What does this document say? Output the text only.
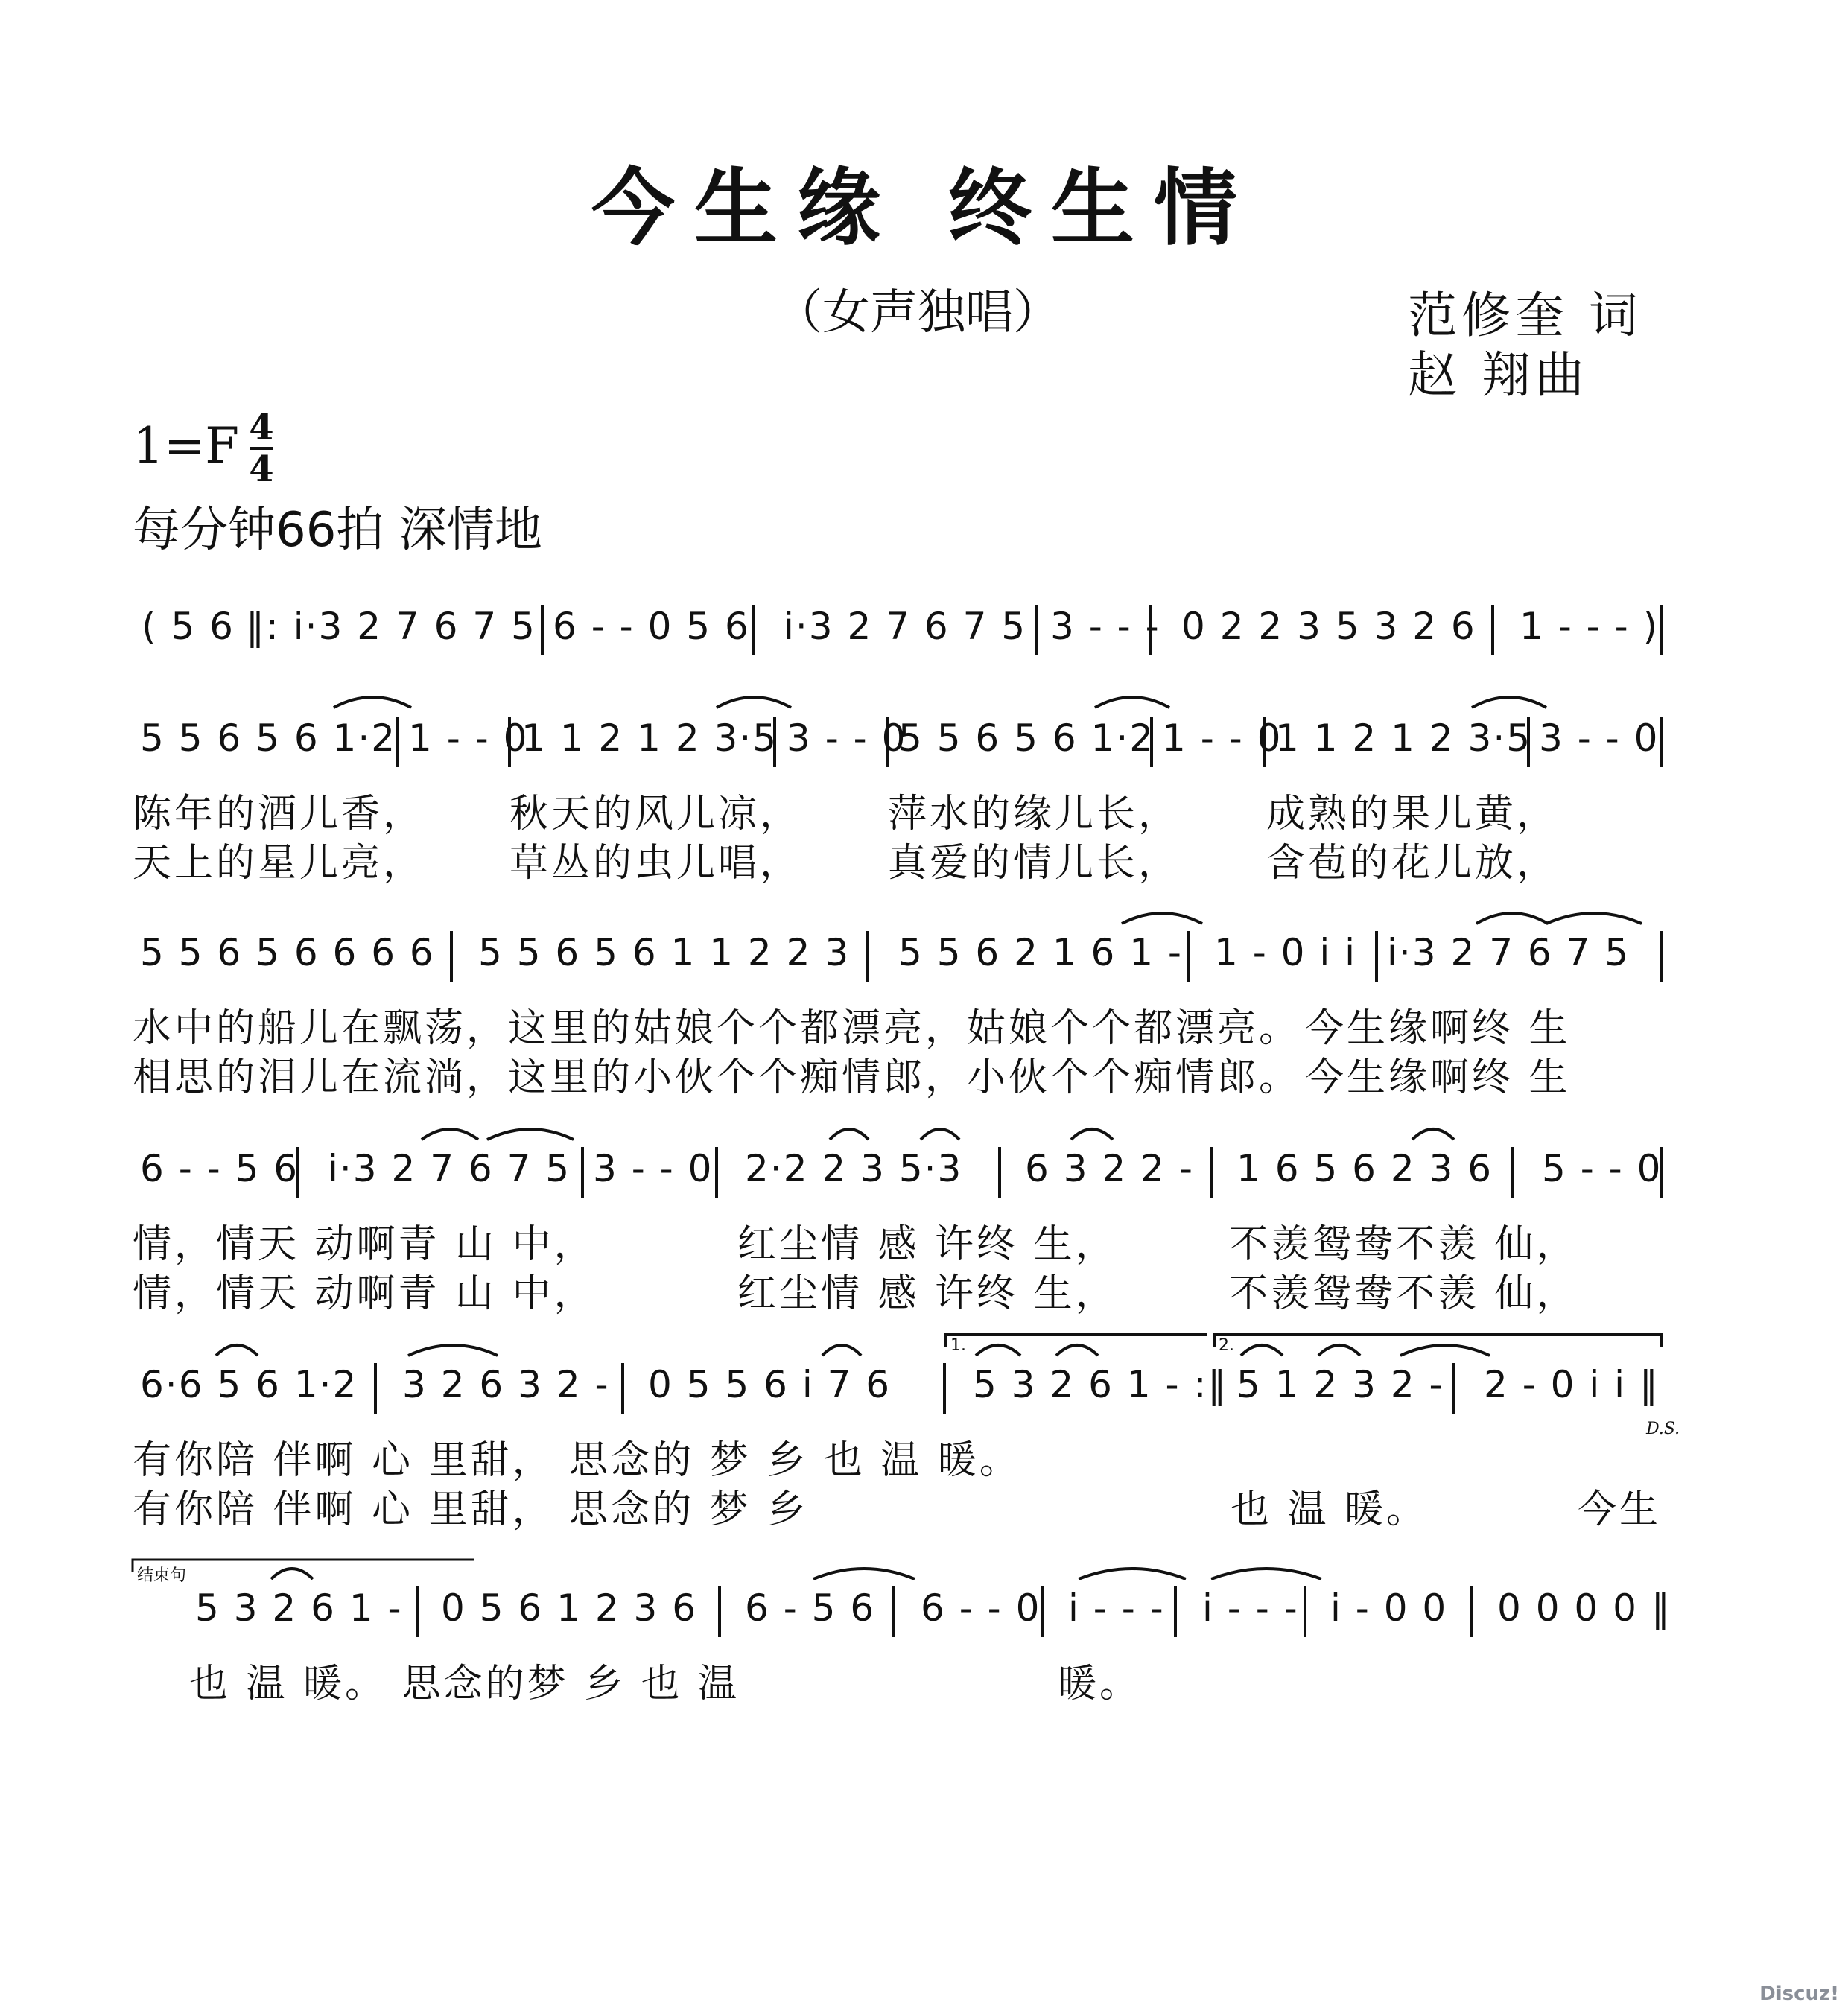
今生缘 终生情
（女声独唱）	范修奎 词
赵 翔曲
1=F 4
4
每分钟66拍 深情地
( 5 6 ‖: i·3 2 7 6 7 5 6 - - 0 5 6 i·3 2 7 6 7 5 3 - - - 0 2 2 3 5 3 2 6 1 - - - )
5 5 6 5 6 1·2 1 - - 0
1 1 2 1 2 3·5 3 - - 0
5 5 6 5 6 1·2 1 - - 0
1 1 2 1 2 3·5 3 - - 0
陈年的酒儿香， 秋天的风儿凉， 萍水的缘儿长， 成熟的果儿黄，
天上的星儿亮， 草丛的虫儿唱， 真爱的情儿长， 含苞的花儿放，
5 5 6 5 6 6 6 6 5 5 6 5 6 1 1 2 2 3 5 5 6 2 1 6 1 - 1 - 0 i i i·3 2 7 6 7 5
水中的船儿在飘荡，这里的姑娘个个都漂亮，姑娘个个都漂亮。 今生缘啊终 生
相思的泪儿在流淌，这里的小伙个个痴情郎，小伙个个痴情郎。 今生缘啊终 生
6 - - 5 6 i·3 2 7 6 7 5 3 - - 0 2·2 2 3 5·3 6 3 2 2 - 1 6 5 6 2 3 6 5 - - 0
情，情天 动啊青 山 中，	红尘情 感 许终 生，	不羡鸳鸯不羡 仙，
情，情天 动啊青 山 中，	红尘情 感 许终 生，	不羡鸳鸯不羡 仙，
6·6 5 6 1·2 3 2 6 3 2 - 0 5 5 6 i 7 6 5 3 2 6 1 - :‖ 5 1 2 3 2 - 2 - 0 i i ‖
有你陪 伴啊 心 里甜， 思念的 梦 乡 也 温 暖。
有你陪 伴啊 心 里甜， 思念的 梦 乡	也 温 暖。	今生
5 3 2 6 1 - 0 5 6 1 2 3 6 6 - 5 6 6 - - 0 i - - - i - - - i - 0 0 0 0 0 0 ‖
也 温 暖。 思念的梦 乡 也 温	暖。
1.	2.
D.S.
结束句
Discuz!
